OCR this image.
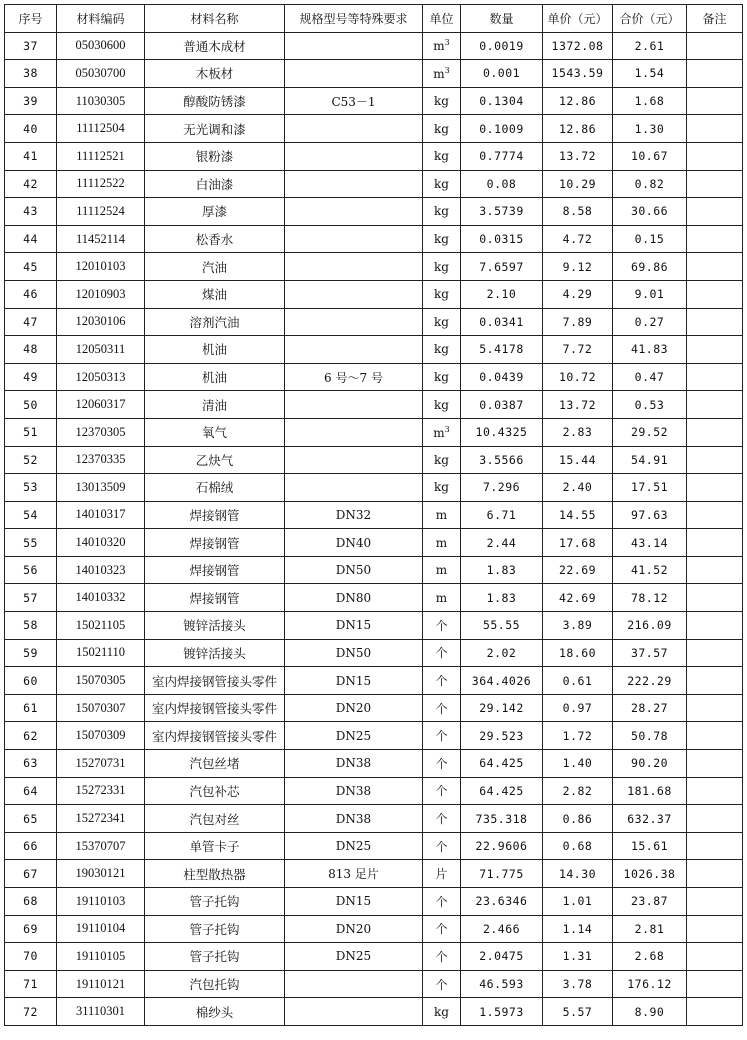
序号	材料编码	材料名称	规格型号等特殊要求	单位	数量	单价（元）	合价（元）	备注
37	05030600	普通木成材		$m^3$	0.0019	1372.08	2.61	
38	05030700	木板材		$m^3$	0.001	1543.59	1.54	
39	11030305	醇酸防锈漆	C53－1	kg	0.1304	12.86	1.68	
40	11112504	无光调和漆		kg	0.1009	12.86	1.30	
41	11112521	银粉漆		kg	0.7774	13.72	10.67	
42	11112522	白油漆		kg	0.08	10.29	0.82	
43	11112524	厚漆		kg	3.5739	8.58	30.66	
44	11452114	松香水		kg	0.0315	4.72	0.15	
45	12010103	汽油		kg	7.6597	9.12	69.86	
46	12010903	煤油		kg	2.10	4.29	9.01	
47	12030106	溶剂汽油		kg	0.0341	7.89	0.27	
48	12050311	机油		kg	5.4178	7.72	41.83	
49	12050313	机油	6 号～7 号	kg	0.0439	10.72	0.47	
50	12060317	清油		kg	0.0387	13.72	0.53	
51	12370305	氧气		$m^3$	10.4325	2.83	29.52	
52	12370335	乙炔气		kg	3.5566	15.44	54.91	
53	13013509	石棉绒		kg	7.296	2.40	17.51	
54	14010317	焊接钢管	DN32	m	6.71	14.55	97.63	
55	14010320	焊接钢管	DN40	m	2.44	17.68	43.14	
56	14010323	焊接钢管	DN50	m	1.83	22.69	41.52	
57	14010332	焊接钢管	DN80	m	1.83	42.69	78.12	
58	15021105	镀锌活接头	DN15	个	55.55	3.89	216.09	
59	15021110	镀锌活接头	DN50	个	2.02	18.60	37.57	
60	15070305	室内焊接钢管接头零件	DN15	个	364.4026	0.61	222.29	
61	15070307	室内焊接钢管接头零件	DN20	个	29.142	0.97	28.27	
62	15070309	室内焊接钢管接头零件	DN25	个	29.523	1.72	50.78	
63	15270731	汽包丝堵	DN38	个	64.425	1.40	90.20	
64	15272331	汽包补芯	DN38	个	64.425	2.82	181.68	
65	15272341	汽包对丝	DN38	个	735.318	0.86	632.37	
66	15370707	单管卡子	DN25	个	22.9606	0.68	15.61	
67	19030121	柱型散热器	813 足片	片	71.775	14.30	1026.38	
68	19110103	管子托钩	DN15	个	23.6346	1.01	23.87	
69	19110104	管子托钩	DN20	个	2.466	1.14	2.81	
70	19110105	管子托钩	DN25	个	2.0475	1.31	2.68	
71	19110121	汽包托钩		个	46.593	3.78	176.12	
72	31110301	棉纱头		kg	1.5973	5.57	8.90	
